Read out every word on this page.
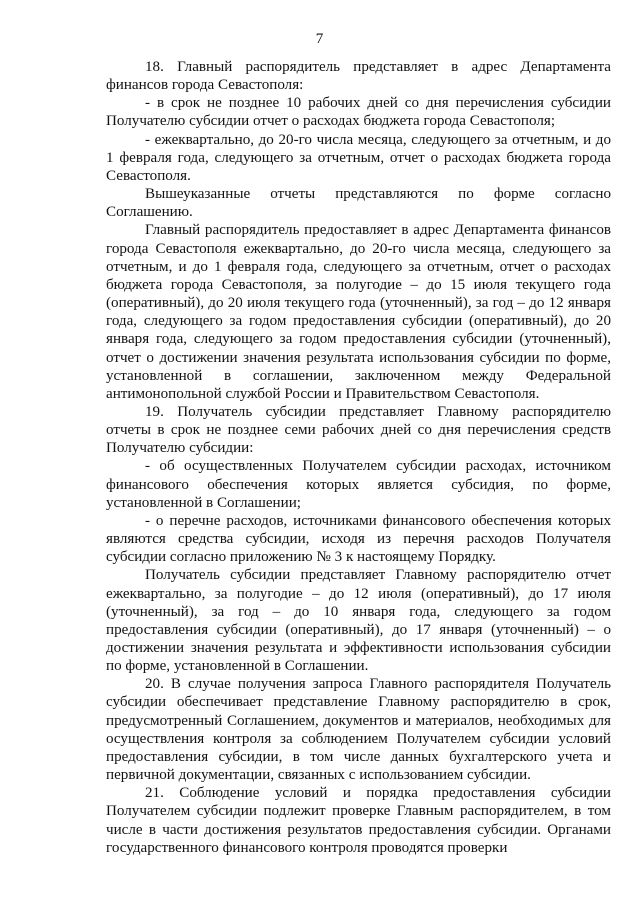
7

18. Главный распорядитель представляет в адрес Департамента финансов города Севастополя:

- в срок не позднее 10 рабочих дней со дня перечисления субсидии Получателю субсидии отчет о расходах бюджета города Севастополя;

- ежеквартально, до 20-го числа месяца, следующего за отчетным, и до 1 февраля года, следующего за отчетным, отчет о расходах бюджета города Севастополя.

Вышеуказанные отчеты представляются по форме согласно Соглашению.

Главный распорядитель предоставляет в адрес Департамента финансов города Севастополя ежеквартально, до 20-го числа месяца, следующего за отчетным, и до 1 февраля года, следующего за отчетным, отчет о расходах бюджета города Севастополя, за полугодие – до 15 июля текущего года (оперативный), до 20 июля текущего года (уточненный), за год – до 12 января года, следующего за годом предоставления субсидии (оперативный), до 20 января года, следующего за годом предоставления субсидии (уточненный), отчет о достижении значения результата использования субсидии по форме, установленной в соглашении, заключенном между Федеральной антимонопольной службой России и Правительством Севастополя.

19. Получатель субсидии представляет Главному распорядителю отчеты в срок не позднее семи рабочих дней со дня перечисления средств Получателю субсидии:

- об осуществленных Получателем субсидии расходах, источником финансового обеспечения которых является субсидия, по форме, установленной в Соглашении;

- о перечне расходов, источниками финансового обеспечения которых являются средства субсидии, исходя из перечня расходов Получателя субсидии согласно приложению № 3 к настоящему Порядку.

Получатель субсидии представляет Главному распорядителю отчет ежеквартально, за полугодие – до 12 июля (оперативный), до 17 июля (уточненный), за год – до 10 января года, следующего за годом предоставления субсидии (оперативный), до 17 января (уточненный) – о достижении значения результата и эффективности использования субсидии по форме, установленной в Соглашении.

20. В случае получения запроса Главного распорядителя Получатель субсидии обеспечивает представление Главному распорядителю в срок, предусмотренный Соглашением, документов и материалов, необходимых для осуществления контроля за соблюдением Получателем субсидии условий предоставления субсидии, в том числе данных бухгалтерского учета и первичной документации, связанных с использованием субсидии.

21. Соблюдение условий и порядка предоставления субсидии Получателем субсидии подлежит проверке Главным распорядителем, в том числе в части достижения результатов предоставления субсидии. Органами государственного финансового контроля проводятся проверки
